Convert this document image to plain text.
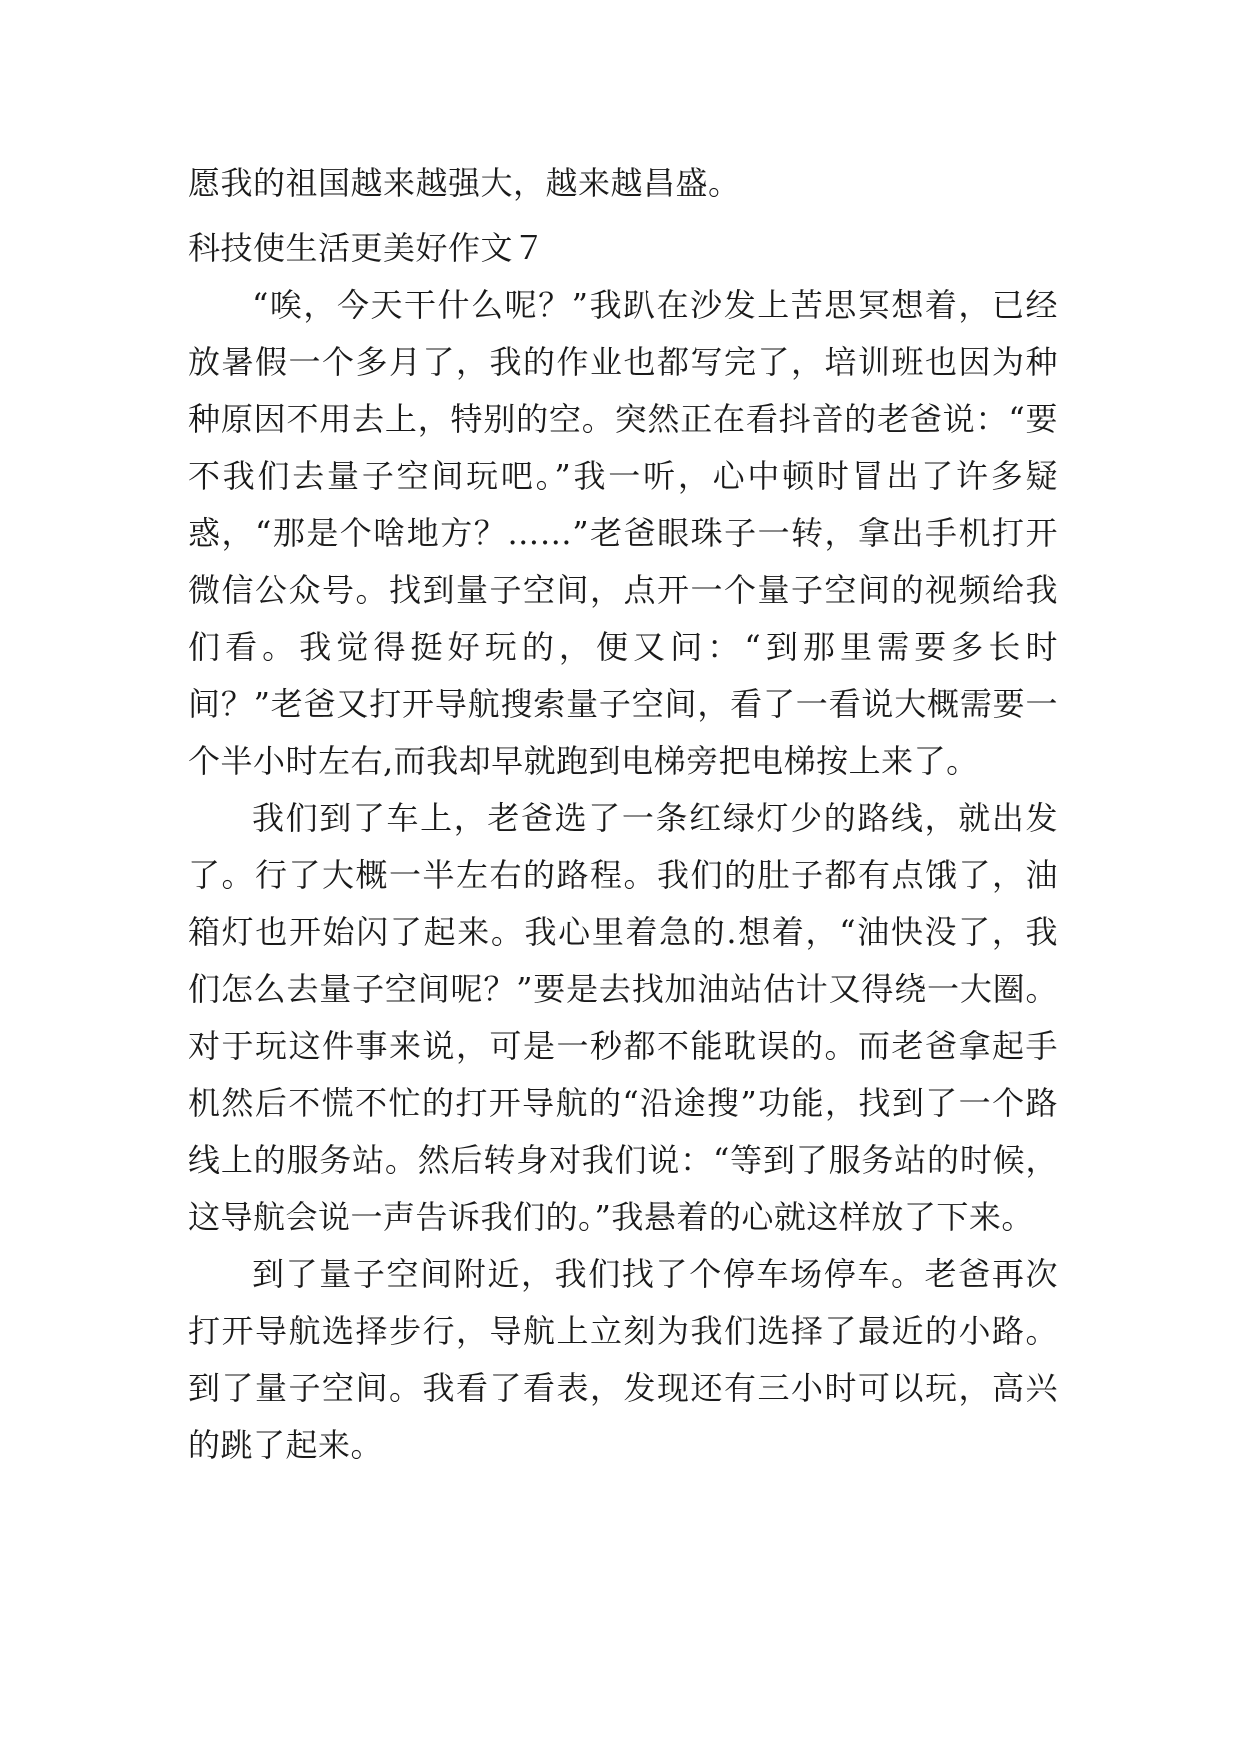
愿我的祖国越来越强大，越来越昌盛。
科技使生活更美好作文７

“唉，今天干什么呢？”我趴在沙发上苦思冥想着，已经放暑假一个多月了，我的作业也都写完了，培训班也因为种种原因不用去上，特别的空。突然正在看抖音的老爸说：“要不我们去量子空间玩吧。”我一听，心中顿时冒出了许多疑惑，“那是个啥地方？……”老爸眼珠子一转，拿出手机打开微信公众号。找到量子空间，点开一个量子空间的视频给我们看。我觉得挺好玩的，便又问：“到那里需要多长时间？”老爸又打开导航搜索量子空间，看了一看说大概需要一个半小时左右,而我却早就跑到电梯旁把电梯按上来了。

我们到了车上，老爸选了一条红绿灯少的路线，就出发了。行了大概一半左右的路程。我们的肚子都有点饿了，油箱灯也开始闪了起来。我心里着急的.想着，“油快没了，我们怎么去量子空间呢？”要是去找加油站估计又得绕一大圈。对于玩这件事来说，可是一秒都不能耽误的。而老爸拿起手机然后不慌不忙的打开导航的“沿途搜”功能，找到了一个路线上的服务站。然后转身对我们说：“等到了服务站的时候，这导航会说一声告诉我们的。”我悬着的心就这样放了下来。

到了量子空间附近，我们找了个停车场停车。老爸再次打开导航选择步行，导航上立刻为我们选择了最近的小路。到了量子空间。我看了看表，发现还有三小时可以玩，高兴的跳了起来。
